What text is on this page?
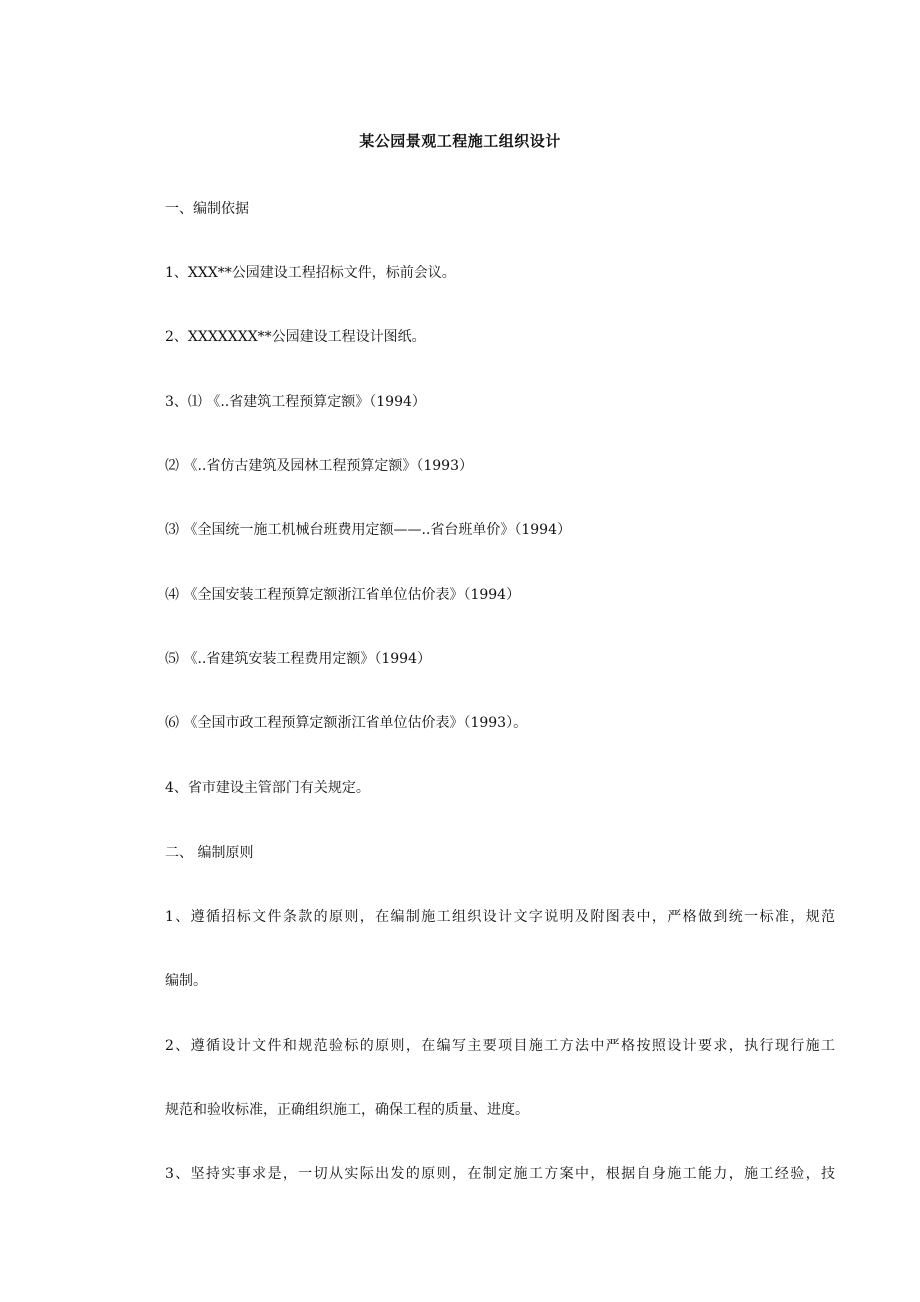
某公园景观工程施工组织设计
一、编制依据
1、XXX**公园建设工程招标文件，标前会议。
2、XXXXXXX**公园建设工程设计图纸。
3、⑴ 《..省建筑工程预算定额》（1994）
⑵ 《..省仿古建筑及园林工程预算定额》（1993）
⑶ 《全国统一施工机械台班费用定额——..省台班单价》（1994）
⑷ 《全国安装工程预算定额浙江省单位估价表》（1994）
⑸ 《..省建筑安装工程费用定额》（1994）
⑹ 《全国市政工程预算定额浙江省单位估价表》（1993）。
4、省市建设主管部门有关规定。
二、 编制原则
1、遵循招标文件条款的原则，在编制施工组织设计文字说明及附图表中，严格做到统一标准，规范
编制。
2、遵循设计文件和规范验标的原则，在编写主要项目施工方法中严格按照设计要求，执行现行施工
规范和验收标准，正确组织施工，确保工程的质量、进度。
3、坚持实事求是，一切从实际出发的原则，在制定施工方案中，根据自身施工能力，施工经验，技
